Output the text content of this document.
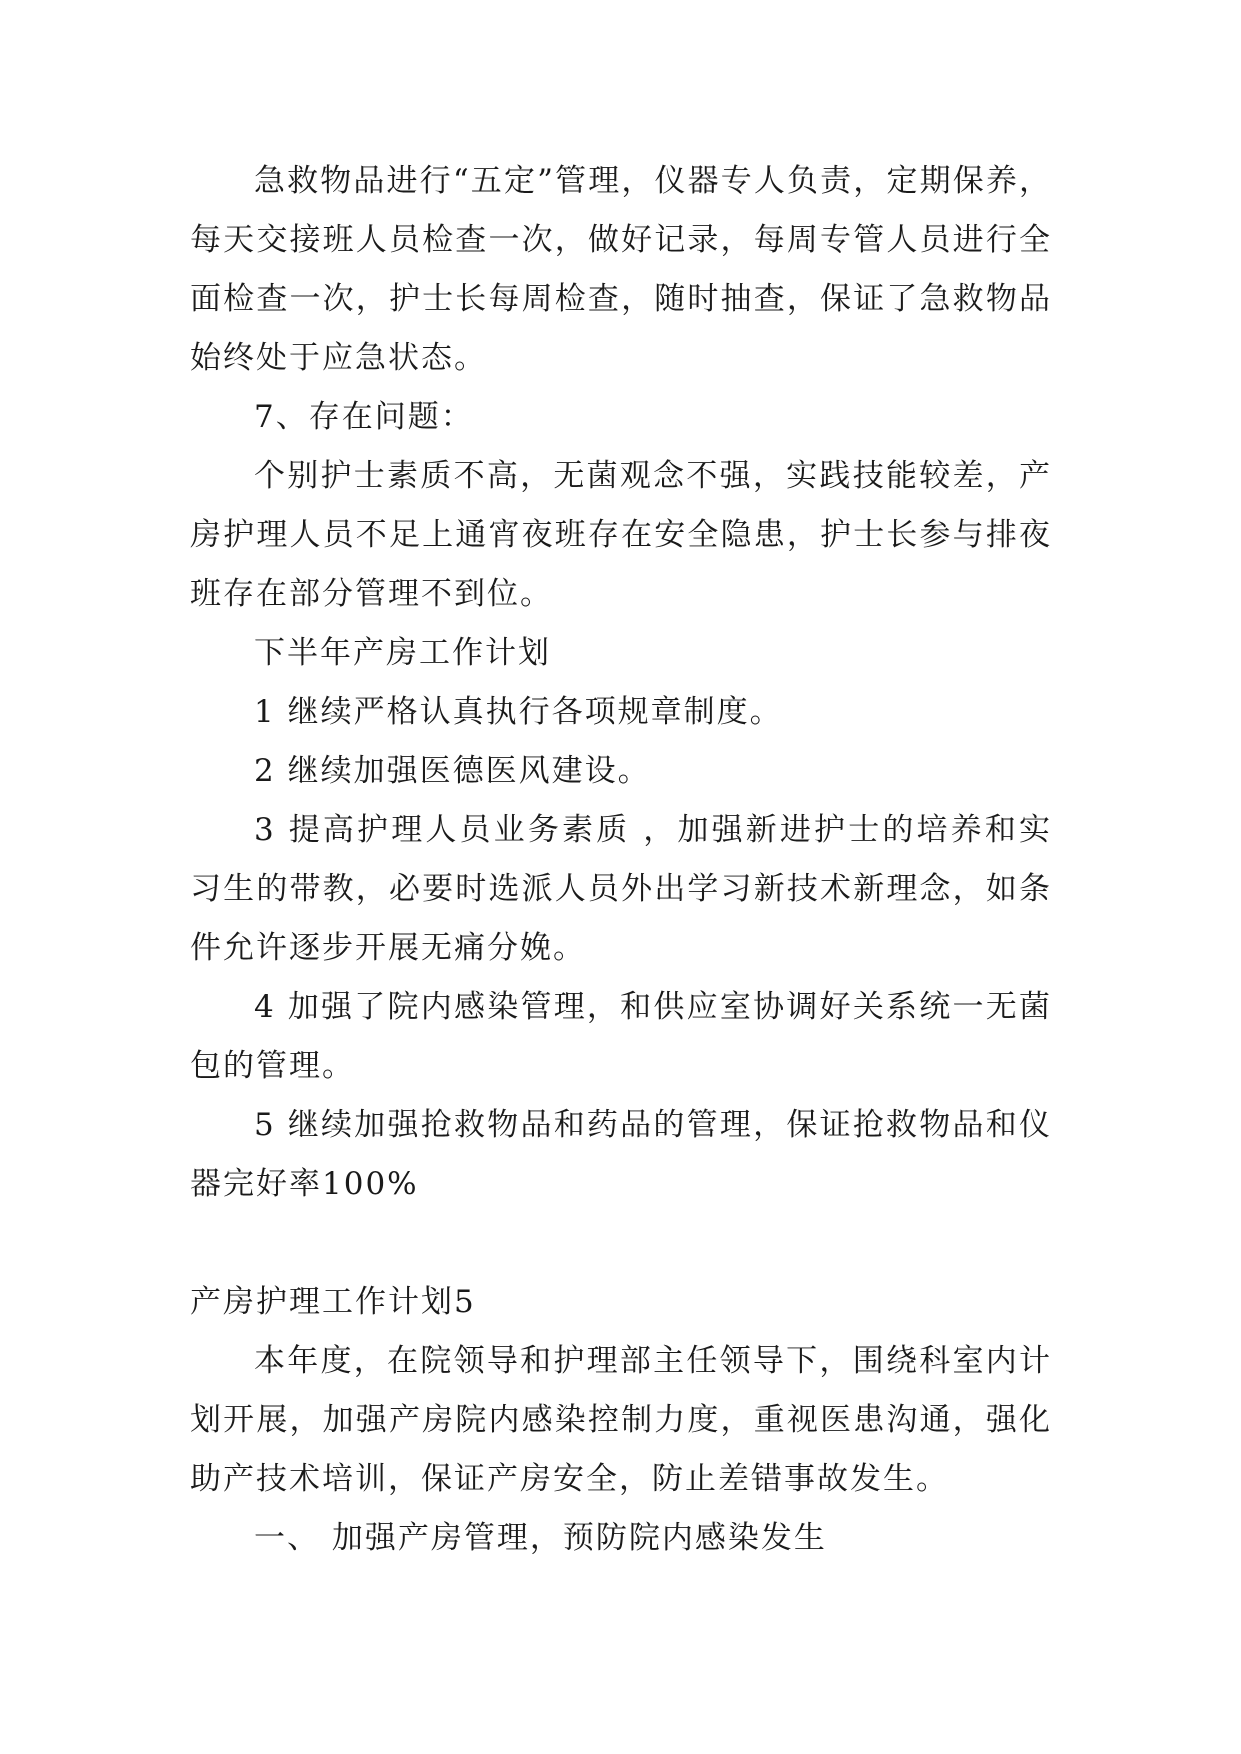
急救物品进行“五定”管理，仪器专人负责，定期保养，每天交接班人员检查一次，做好记录，每周专管人员进行全面检查一次，护士长每周检查，随时抽查，保证了急救物品始终处于应急状态。

7、存在问题：

个别护士素质不高，无菌观念不强，实践技能较差，产房护理人员不足上通宵夜班存在安全隐患，护士长参与排夜班存在部分管理不到位。

下半年产房工作计划

1 继续严格认真执行各项规章制度。

2 继续加强医德医风建设。

3 提高护理人员业务素质 ，加强新进护士的培养和实习生的带教，必要时选派人员外出学习新技术新理念，如条件允许逐步开展无痛分娩。

4 加强了院内感染管理，和供应室协调好关系统一无菌包的管理。

5 继续加强抢救物品和药品的管理，保证抢救物品和仪器完好率100%

产房护理工作计划5

本年度，在院领导和护理部主任领导下，围绕科室内计划开展，加强产房院内感染控制力度，重视医患沟通，强化助产技术培训，保证产房安全，防止差错事故发生。

一、 加强产房管理，预防院内感染发生
